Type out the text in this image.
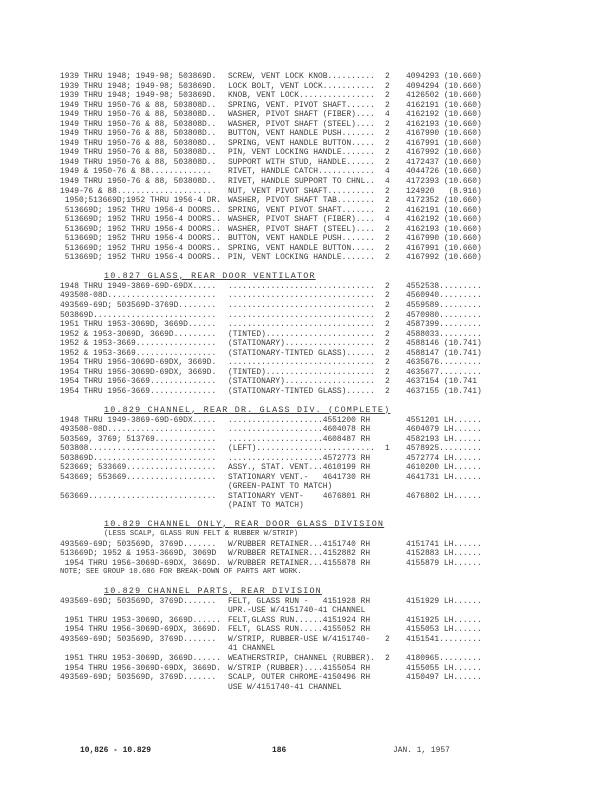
1939 THRU 1948; 1949-98; 503869D.	SCREW, VENT LOCK KNOB..........	2	4094293 (10.660)
1939 THRU 1948; 1949-98; 503869D.	LOCK BOLT, VENT LOCK...........	2	4094294 (10.660)
1939 THRU 1948; 1949-98; 503869D.	KNOB, VENT LOCK................	2	4126502 (10.660)
1949 THRU 1950-76 & 88, 503808D..	SPRING, VENT. PIVOT SHAFT......	2	4162191 (10.660)
1949 THRU 1950-76 & 88, 503808D..	WASHER, PIVOT SHAFT (FIBER)....	4	4162192 (10.660)
1949 THRU 1950-76 & 88, 503808D..	WASHER, PIVOT SHAFT (STEEL)....	2	4162193 (10.660)
1949 THRU 1950-76 & 88, 503808D..	BUTTON, VENT HANDLE PUSH.......	2	4167990 (10.660)
1949 THRU 1950-76 & 88, 503808D..	SPRING, VENT HANDLE BUTTON.....	2	4167991 (10.660)
1949 THRU 1950-76 & 88, 503808D..	PIN, VENT LOCKING HANDLE.......	2	4167992 (10.660)
1949 THRU 1950-76 & 88, 503808D..	SUPPORT WITH STUD, HANDLE......	2	4172437 (10.660)
1949 & 1950-76 & 88.............	RIVET, HANDLE CATCH............	4	4044726 (10.660)
1949 THRU 1950-76 & 88, 503808D..	RIVET, HANDLE SUPPORT TO CHNL..	4	4172393 (10.660)
1949-76 & 88....................	NUT, VENT PIVOT SHAFT..........	2	124920   (8.916)
1950;513669D;1952 THRU 1956-4 DR. WASHER, PIVOT SHAFT TAB........	2	4172352 (10.660)
513669D; 1952 THRU 1956-4 DOORS.. SPRING, VENT PIVOT SHAFT.......	2	4162191 (10.660)
513669D; 1952 THRU 1956-4 DOORS.. WASHER, PIVOT SHAFT (FIBER)....	4	4162192 (10.660)
513669D; 1952 THRU 1956-4 DOORS.. WASHER, PIVOT SHAFT (STEEL)....	2	4162193 (10.660)
513669D; 1952 THRU 1956-4 DOORS.. BUTTON, VENT HANDLE PUSH.......	2	4167990 (10.660)
513669D; 1952 THRU 1956-4 DOORS.. SPRING, VENT HANDLE BUTTON.....	2	4167991 (10.660)
513669D; 1952 THRU 1956-4 DOORS.. PIN, VENT LOCKING HANDLE.......	2	4167992 (10.660)
10.827 GLASS, REAR DOOR VENTILATOR
1948 THRU 1949-3869-69D-69DX.....	...............................	2	4552538.........
493508-08D.......................	...............................	2	4560940.........
493569-69D; 503569D-3769D........	...............................	2	4559589.........
503869D..........................	...............................	2	4570980.........
1951 THRU 1953-3069D, 3669D......	...............................	2	4587399.........
1952 & 1953-3069D, 3669D.........	(TINTED).......................	2	4588033.........
1952 & 1953-3669.................	(STATIONARY)...................	2	4588146 (10.741)
1952 & 1953-3669.................	(STATIONARY-TINTED GLASS)......	2	4588147 (10.741)
1954 THRU 1956-3069D-69DX, 3669D.	...............................	2	4635676.........
1954 THRU 1956-3069D-69DX, 3669D.	(TINTED).......................	2	4635677.........
1954 THRU 1956-3669..............	(STATIONARY)...................	2	4637154 (10.741
1954 THRU 1956-3669..............	(STATIONARY-TINTED GLASS)......	2	4637155 (10.741)
10.829 CHANNEL, REAR DR. GLASS DIV. (COMPLETE)
1948 THRU 1949-3869-69D-69DX.....	....................4551200 RH	4551201 LH......
493508-08D.......................	....................4604078 RH	4604079 LH......
503569, 3769; 513769.............	....................4608487 RH	4582193 LH......
503808...........................	(LEFT).........................	1	4578925.........
503869D..........................	....................4572773 RH	4572774 LH......
523669; 533669...................	ASSY., STAT. VENT...4610199 RH	4610200 LH......
543669; 553669...................	STATIONARY VENT.-   4641730 RH	4641731 LH......
(GREEN-PAINT TO MATCH)
563669...........................	STATIONARY VENT-    4676801 RH	4676802 LH......
(PAINT TO MATCH)
10.829 CHANNEL ONLY, REAR DOOR GLASS DIVISION
(LESS SCALP, GLASS RUN FELT & RUBBER W/STRIP)
493569-69D; 503569D, 3769D.......	W/RUBBER RETAINER...4151740 RH	4151741 LH......
513669D; 1952 & 1953-3669D, 3069D	W/RUBBER RETAINER...4152882 RH	4152883 LH......
1954 THRU 1956-3069D-69DX, 3669D. W/RUBBER RETAINER...4155878 RH	4155879 LH......
NOTE; SEE GROUP 10.686 FOR BREAK-DOWN OF PARTS ART WORK.
10.829 CHANNEL PARTS, REAR DIVISION
493569-69D; 503569D, 3769D.......	FELT, GLASS RUN -   4151928 RH	4151929 LH......
UPR.-USE W/4151740-41 CHANNEL
1951 THRU 1953-3069D, 3669D...... FELT,GLASS RUN......4151924 RH	4151925 LH......
1954 THRU 1956-3069D-69DX, 3669D. FELT, GLASS RUN.....4155052 RH	4155053 LH......
493569-69D; 503569D, 3769D.......	W/STRIP, RUBBER-USE W/4151740-	2	4151541.........
41 CHANNEL
1951 THRU 1953-3069D, 3669D...... WEATHERSTRIP, CHANNEL (RUBBER).	2	4180965.........
1954 THRU 1956-3069D-69DX, 3669D. W/STRIP (RUBBER)....4155054 RH	4155055 LH......
493569-69D; 503569D, 3769D.......	SCALP, OUTER CHROME-4150496 RH	4150497 LH......
USE W/4151740-41 CHANNEL
10,826 - 10.829	186	JAN. 1, 1957
